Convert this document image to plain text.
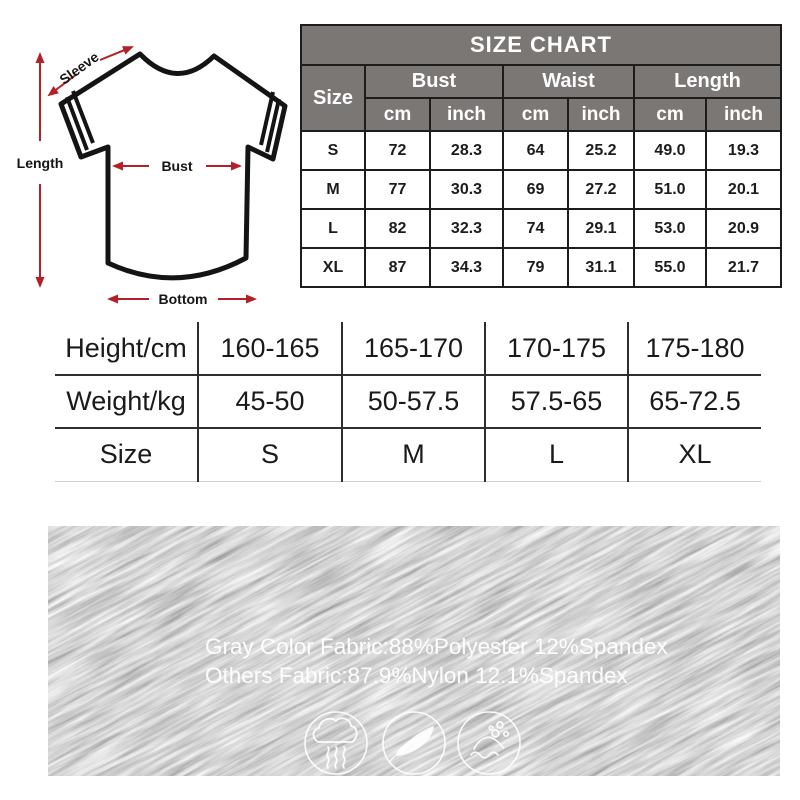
Sleeve
Length	Bust
Bottom
SIZE CHART						
Size	Bust		Waist		Length	
	cm	inch	cm	inch	cm	inch
S	72	28.3	64	25.2	49.0	19.3
M	77	30.3	69	27.2	51.0	20.1
L	82	32.3	74	29.1	53.0	20.9
XL	87	34.3	79	31.1	55.0	21.7
Height/cm	160-165	165-170	170-175	175-180
Weight/kg	45-50	50-57.5	57.5-65	65-72.5
Size	S	M	L	XL
Gray Color Fabric:88%Polyester 12%Spandex
Others Fabric:87.9%Nylon 12.1%Spandex
